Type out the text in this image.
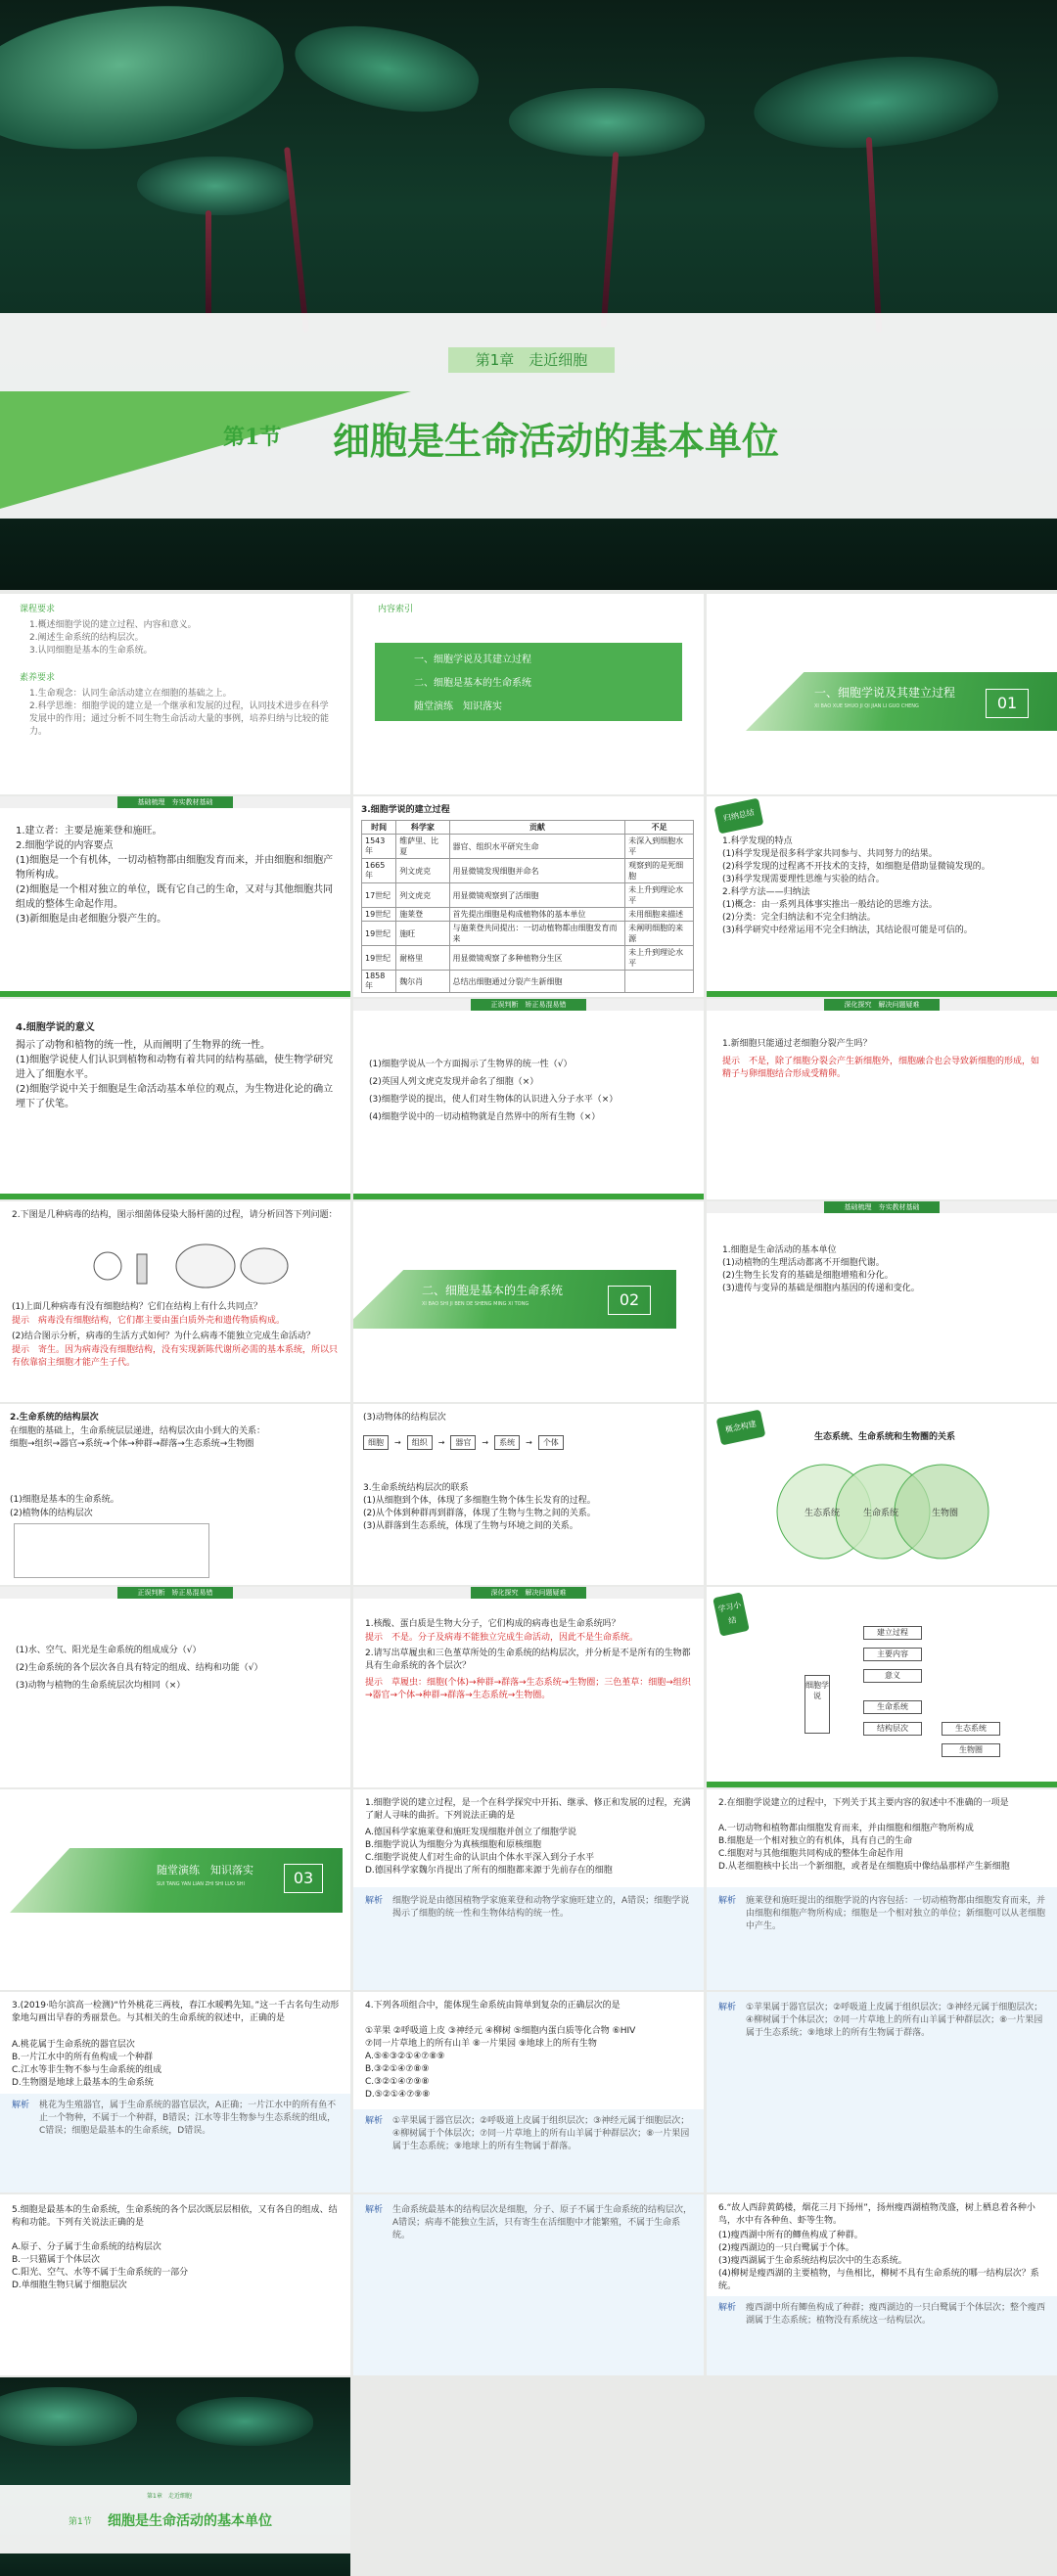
第1章　走近细胞
第1节 细胞是生命活动的基本单位
课程要求
1.概述细胞学说的建立过程、内容和意义。
2.阐述生命系统的结构层次。
3.认同细胞是基本的生命系统。
素养要求
1.生命观念：认同生命活动建立在细胞的基础之上。
2.科学思维：细胞学说的建立是一个继承和发展的过程，认同技术进步在科学发展中的作用；通过分析不同生物生命活动大量的事例，培养归纳与比较的能力。
内容索引
一、细胞学说及其建立过程
二、细胞是基本的生命系统
随堂演练　知识落实
一、细胞学说及其建立过程
XI BAO XUE SHUO JI QI JIAN LI GUO CHENG	01
基础梳理　夯实教材基础
1.建立者：主要是施莱登和施旺。
2.细胞学说的内容要点
(1)细胞是一个有机体，一切动植物都由细胞发育而来，并由细胞和细胞产物所构成。
(2)细胞是一个相对独立的单位，既有它自己的生命，又对与其他细胞共同组成的整体生命起作用。
(3)新细胞是由老细胞分裂产生的。
3.细胞学说的建立过程
时间	科学家	贡献	不足
1543年	维萨里、比夏	器官、组织水平研究生命	未深入到细胞水平
1665年	列文虎克	用显微镜发现细胞并命名	观察到的是死细胞
17世纪	列文虎克	用显微镜观察到了活细胞	未上升到理论水平
19世纪	施莱登	首先提出细胞是构成植物体的基本单位	未用细胞来描述
19世纪	施旺	与施莱登共同提出：一切动植物都由细胞发育而来	未阐明细胞的来源
19世纪	耐格里	用显微镜观察了多种植物分生区	未上升到理论水平
1858年	魏尔肖	总结出细胞通过分裂产生新细胞	
归纳总结
1.科学发现的特点
(1)科学发现是很多科学家共同参与、共同努力的结果。
(2)科学发现的过程离不开技术的支持，如细胞是借助显微镜发现的。
(3)科学发现需要理性思维与实验的结合。
2.科学方法——归纳法
(1)概念：由一系列具体事实推出一般结论的思维方法。
(2)分类：完全归纳法和不完全归纳法。
(3)科学研究中经常运用不完全归纳法，其结论很可能是可信的。
4.细胞学说的意义
揭示了动物和植物的统一性，从而阐明了生物界的统一性。
(1)细胞学说使人们认识到植物和动物有着共同的结构基础，使生物学研究进入了细胞水平。
(2)细胞学说中关于细胞是生命活动基本单位的观点，为生物进化论的确立埋下了伏笔。
正误判断　矫正易混易错
(1)细胞学说从一个方面揭示了生物界的统一性（√）
(2)英国人列文虎克发现并命名了细胞（×）
(3)细胞学说的提出，使人们对生物体的认识进入分子水平（×）
(4)细胞学说中的一切动植物就是自然界中的所有生物（×）
深化探究　解决问题疑难
1.新细胞只能通过老细胞分裂产生吗？
提示　不是，除了细胞分裂会产生新细胞外，细胞融合也会导致新细胞的形成，如精子与卵细胞结合形成受精卵。
2.下图是几种病毒的结构，图示细菌体侵染大肠杆菌的过程，请分析回答下列问题：
(1)上面几种病毒有没有细胞结构？它们在结构上有什么共同点？
提示　病毒没有细胞结构，它们都主要由蛋白质外壳和遗传物质构成。
(2)结合图示分析，病毒的生活方式如何？为什么病毒不能独立完成生命活动？
提示　寄生。因为病毒没有细胞结构，没有实现新陈代谢所必需的基本系统，所以只有依靠宿主细胞才能产生子代。
二、细胞是基本的生命系统
XI BAO SHI JI BEN DE SHENG MING XI TONG	02
基础梳理　夯实教材基础
1.细胞是生命活动的基本单位
(1)动植物的生理活动都离不开细胞代谢。
(2)生物生长发育的基础是细胞增殖和分化。
(3)遗传与变异的基础是细胞内基因的传递和变化。
2.生命系统的结构层次
在细胞的基础上，生命系统层层递进，结构层次由小到大的关系：
细胞→组织→器官→系统→个体→种群→群落→生态系统→生物圈
(1)细胞是基本的生命系统。
(2)植物体的结构层次
(3)动物体的结构层次
细胞	→	组织	→	器官	→	系统	→	个体
3.生命系统结构层次的联系
(1)从细胞到个体，体现了多细胞生物个体生长发育的过程。
(2)从个体到种群再到群落，体现了生物与生物之间的关系。
(3)从群落到生态系统，体现了生物与环境之间的关系。
概念构建
生态系统、生命系统和生物圈的关系
生态系统	生命系统	生物圈
正误判断　矫正易混易错
(1)水、空气、阳光是生命系统的组成成分（√）
(2)生命系统的各个层次各自具有特定的组成、结构和功能（√）
(3)动物与植物的生命系统层次均相同（×）
深化探究　解决问题疑难
1.核酸、蛋白质是生物大分子，它们构成的病毒也是生命系统吗？
提示　不是。分子及病毒不能独立完成生命活动，因此不是生命系统。
2.请写出草履虫和三色堇草所处的生命系统的结构层次，并分析是不是所有的生物都具有生命系统的各个层次？
提示　草履虫：细胞(个体)→种群→群落→生态系统→生物圈；三色堇草：细胞→组织→器官→个体→种群→群落→生态系统→生物圈。
学习小结
细胞学说
建立过程
主要内容
意义
生命系统
结构层次	生态系统
生物圈
随堂演练　知识落实
SUI TANG YAN LIAN ZHI SHI LUO SHI	03
1.细胞学说的建立过程，是一个在科学探究中开拓、继承、修正和发展的过程，充满了耐人寻味的曲折。下列说法正确的是
A.德国科学家施莱登和施旺发现细胞并创立了细胞学说
B.细胞学说认为细胞分为真核细胞和原核细胞
C.细胞学说使人们对生命的认识由个体水平深入到分子水平
D.德国科学家魏尔肖提出了所有的细胞都来源于先前存在的细胞
解析 细胞学说是由德国植物学家施莱登和动物学家施旺建立的，A错误；细胞学说揭示了细胞的统一性和生物体结构的统一性。
2.在细胞学说建立的过程中，下列关于其主要内容的叙述中不准确的一项是
A.一切动物和植物都由细胞发育而来，并由细胞和细胞产物所构成
B.细胞是一个相对独立的有机体，具有自己的生命
C.细胞对与其他细胞共同构成的整体生命起作用
D.从老细胞核中长出一个新细胞，或者是在细胞质中像结晶那样产生新细胞
解析 施莱登和施旺提出的细胞学说的内容包括：一切动植物都由细胞发育而来，并由细胞和细胞产物所构成；细胞是一个相对独立的单位；新细胞可以从老细胞中产生。
3.(2019·哈尔滨高一检测)“竹外桃花三两枝，春江水暖鸭先知。”这一千古名句生动形象地勾画出早春的秀丽景色。与其相关的生命系统的叙述中，正确的是
A.桃花属于生命系统的器官层次
B.一片江水中的所有鱼构成一个种群
C.江水等非生物不参与生命系统的组成
D.生物圈是地球上最基本的生命系统
解析 桃花为生殖器官，属于生命系统的器官层次，A正确；一片江水中的所有鱼不止一个物种，不属于一个种群，B错误；江水等非生物参与生态系统的组成，C错误；细胞是最基本的生命系统，D错误。
4.下列各项组合中，能体现生命系统由简单到复杂的正确层次的是
①苹果 ②呼吸道上皮 ③神经元 ④柳树 ⑤细胞内蛋白质等化合物 ⑥HIV
⑦同一片草地上的所有山羊 ⑧一片果园 ⑨地球上的所有生物
A.⑤⑥③②①④⑦⑧⑨
B.③②①④⑦⑧⑨
C.③②①④⑦⑨⑧
D.⑤②①④⑦⑨⑧
解析 ①苹果属于器官层次；②呼吸道上皮属于组织层次；③神经元属于细胞层次；④柳树属于个体层次；⑦同一片草地上的所有山羊属于种群层次；⑧一片果园属于生态系统；⑨地球上的所有生物属于群落。
解析 ①苹果属于器官层次；②呼吸道上皮属于组织层次；③神经元属于细胞层次；④柳树属于个体层次；⑦同一片草地上的所有山羊属于种群层次；⑧一片果园属于生态系统；⑨地球上的所有生物属于群落。
5.细胞是最基本的生命系统，生命系统的各个层次既层层相依，又有各自的组成、结构和功能。下列有关说法正确的是
A.原子、分子属于生命系统的结构层次
B.一只猫属于个体层次
C.阳光、空气、水等不属于生命系统的一部分
D.单细胞生物只属于细胞层次
解析 生命系统最基本的结构层次是细胞，分子、原子不属于生命系统的结构层次，A错误；病毒不能独立生活，只有寄生在活细胞中才能繁殖，不属于生命系统。
6.“故人西辞黄鹤楼，烟花三月下扬州”，扬州瘦西湖植物茂盛，树上栖息着各种小鸟，水中有各种鱼、虾等生物。
(1)瘦西湖中所有的鲫鱼构成了种群。
(2)瘦西湖边的一只白鹭属于个体。
(3)瘦西湖属于生命系统结构层次中的生态系统。
(4)柳树是瘦西湖的主要植物，与鱼相比，柳树不具有生命系统的哪一结构层次？系统。
解析 瘦西湖中所有鲫鱼构成了种群；瘦西湖边的一只白鹭属于个体层次；整个瘦西湖属于生态系统；植物没有系统这一结构层次。
第1章　走近细胞
第1节 细胞是生命活动的基本单位
